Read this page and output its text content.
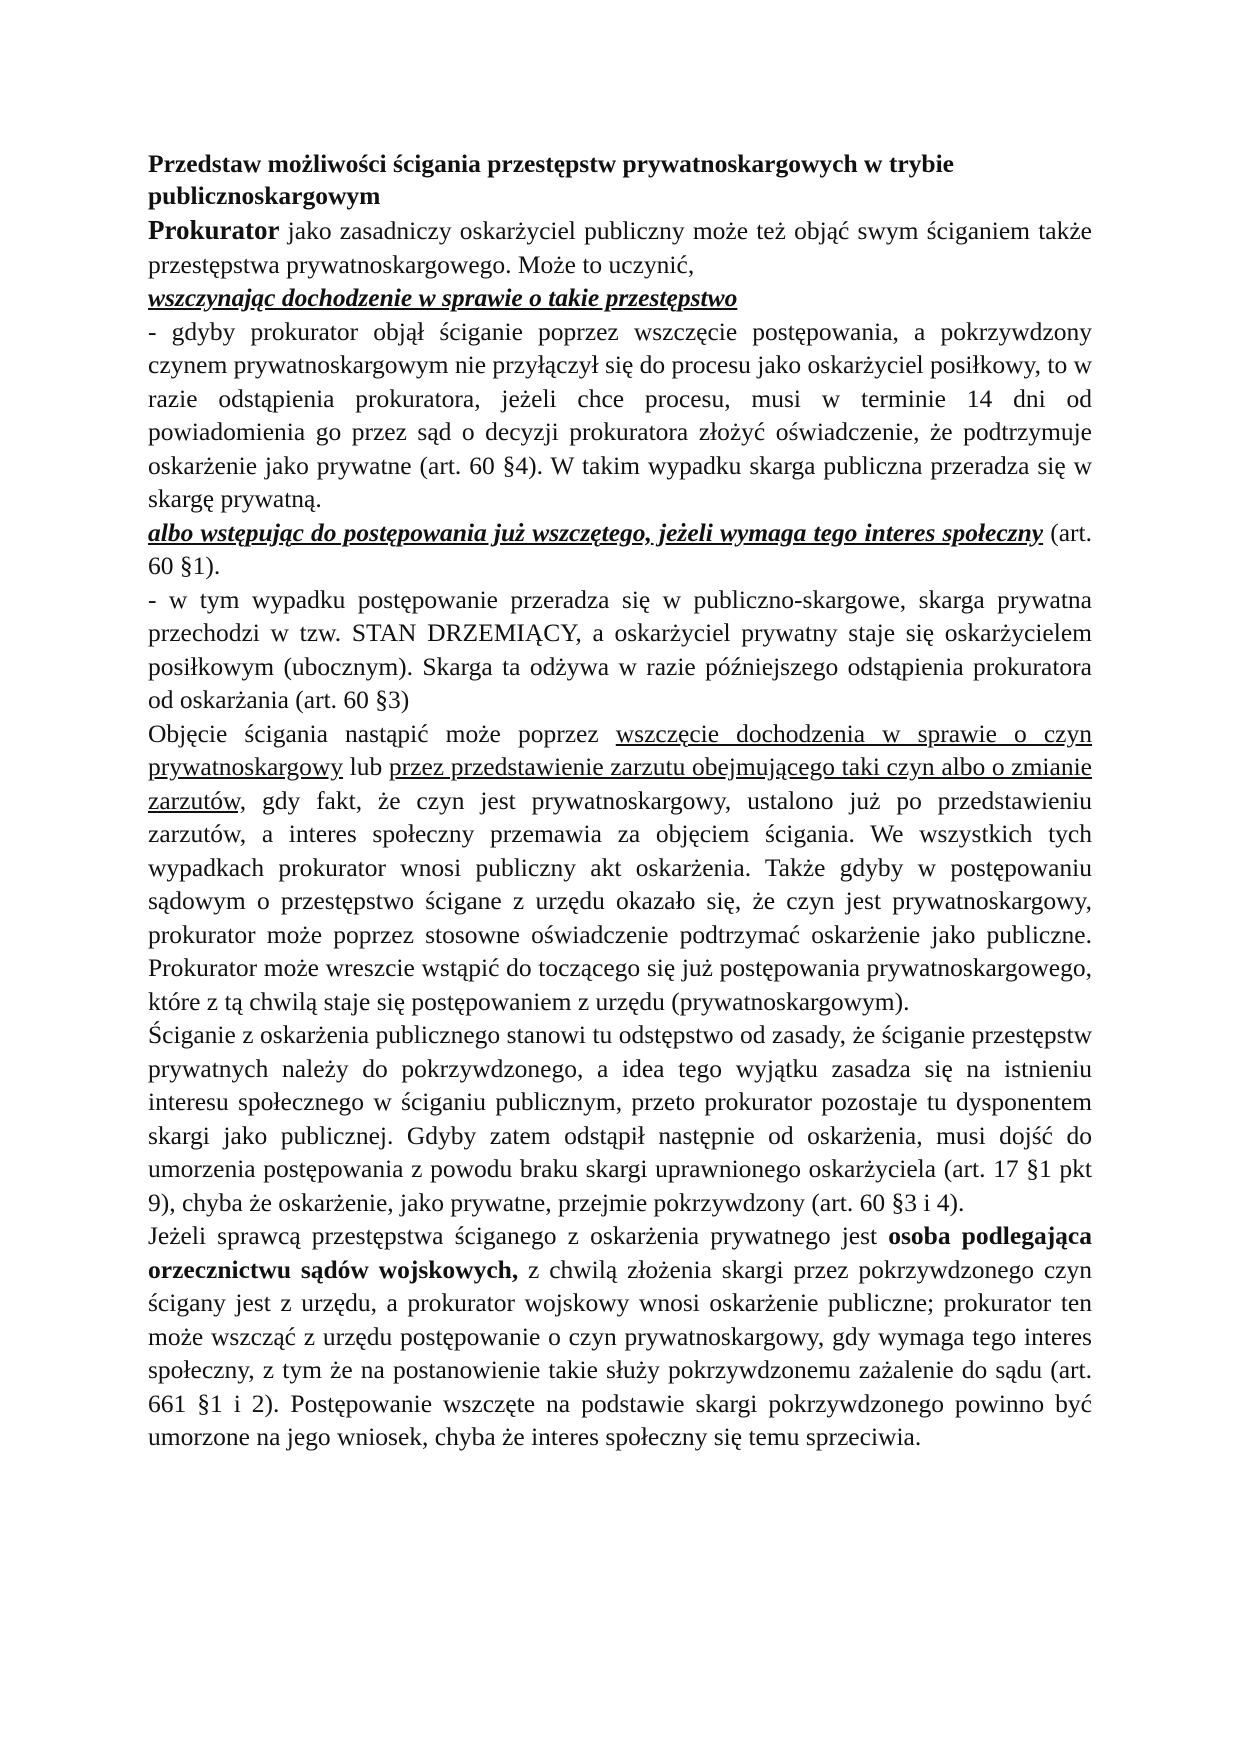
Przedstaw możliwości ścigania przestępstw prywatnoskargowych w trybie publicznoskargowym

Prokurator jako zasadniczy oskarżyciel publiczny może też objąć swym ściganiem także przestępstwa prywatnoskargowego. Może to uczynić,
wszczynając dochodzenie w sprawie o takie przestępstwo

- gdyby prokurator objął ściganie poprzez wszczęcie postępowania, a pokrzywdzony czynem prywatnoskargowym nie przyłączył się do procesu jako oskarżyciel posiłkowy, to w razie odstąpienia prokuratora, jeżeli chce procesu, musi w terminie 14 dni od powiadomienia go przez sąd o decyzji prokuratora złożyć oświadczenie, że podtrzymuje oskarżenie jako prywatne (art. 60 §4). W takim wypadku skarga publiczna przeradza się w skargę prywatną.

albo wstępując do postępowania już wszczętego, jeżeli wymaga tego interes społeczny (art. 60 §1).

- w tym wypadku postępowanie przeradza się w publiczno-skargowe, skarga prywatna przechodzi w tzw. STAN DRZEMIĄCY, a oskarżyciel prywatny staje się oskarżycielem posiłkowym (ubocznym). Skarga ta odżywa w razie późniejszego odstąpienia prokuratora od oskarżania (art. 60 §3)

Objęcie ścigania nastąpić może poprzez wszczęcie dochodzenia w sprawie o czyn prywatnoskargowy lub przez przedstawienie zarzutu obejmującego taki czyn albo o zmianie zarzutów, gdy fakt, że czyn jest prywatnoskargowy, ustalono już po przedstawieniu zarzutów, a interes społeczny przemawia za objęciem ścigania. We wszystkich tych wypadkach prokurator wnosi publiczny akt oskarżenia. Także gdyby w postępowaniu sądowym o przestępstwo ścigane z urzędu okazało się, że czyn jest prywatnoskargowy, prokurator może poprzez stosowne oświadczenie podtrzymać oskarżenie jako publiczne. Prokurator może wreszcie wstąpić do toczącego się już postępowania prywatnoskargowego, które z tą chwilą staje się postępowaniem z urzędu (prywatnoskargowym).

Ściganie z oskarżenia publicznego stanowi tu odstępstwo od zasady, że ściganie przestępstw prywatnych należy do pokrzywdzonego, a idea tego wyjątku zasadza się na istnieniu interesu społecznego w ściganiu publicznym, przeto prokurator pozostaje tu dysponentem skargi jako publicznej. Gdyby zatem odstąpił następnie od oskarżenia, musi dojść do umorzenia postępowania z powodu braku skargi uprawnionego oskarżyciela (art. 17 §1 pkt 9), chyba że oskarżenie, jako prywatne, przejmie pokrzywdzony (art. 60 §3 i 4).

Jeżeli sprawcą przestępstwa ściganego z oskarżenia prywatnego jest osoba podlegająca orzecznictwu sądów wojskowych, z chwilą złożenia skargi przez pokrzywdzonego czyn ścigany jest z urzędu, a prokurator wojskowy wnosi oskarżenie publiczne; prokurator ten może wszcząć z urzędu postępowanie o czyn prywatnoskargowy, gdy wymaga tego interes społeczny, z tym że na postanowienie takie służy pokrzywdzonemu zażalenie do sądu (art. 661 §1 i 2). Postępowanie wszczęte na podstawie skargi pokrzywdzonego powinno być umorzone na jego wniosek, chyba że interes społeczny się temu sprzeciwia.
